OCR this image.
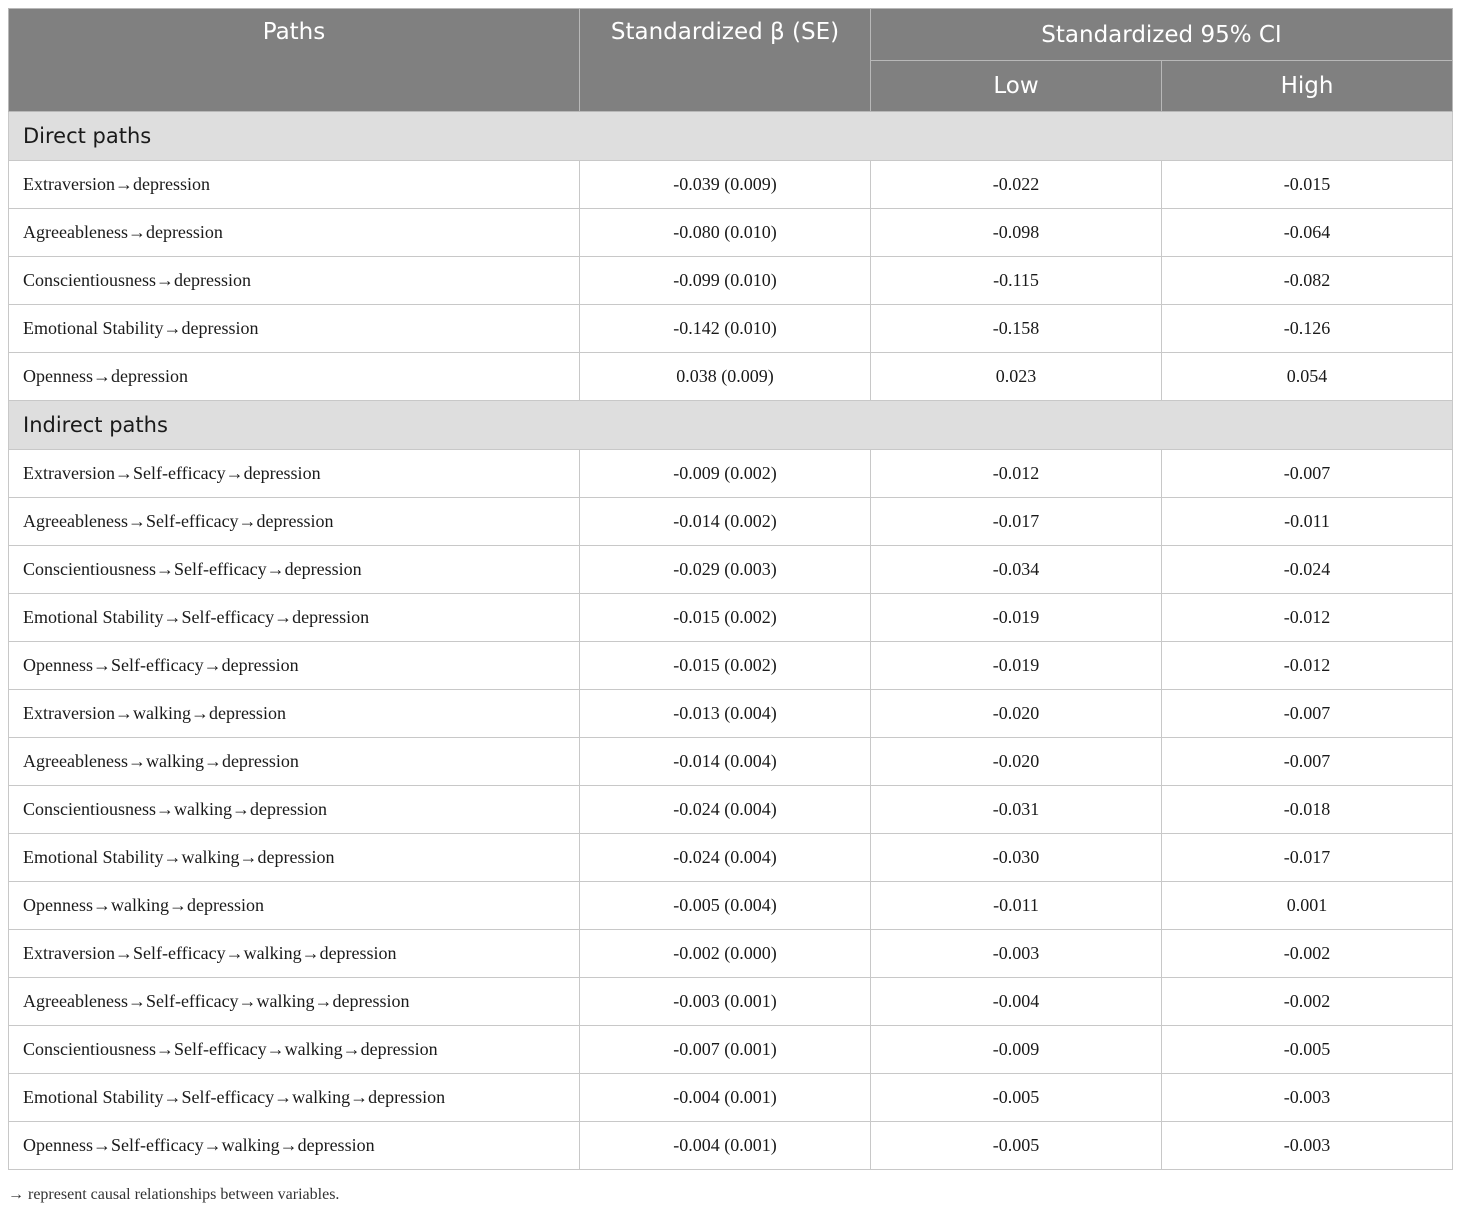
Paths	Standardized β (SE)	Standardized 95% CI	
		Low	High
Direct paths			
Extraversion→depression	-0.039 (0.009)	-0.022	-0.015
Agreeableness→depression	-0.080 (0.010)	-0.098	-0.064
Conscientiousness→depression	-0.099 (0.010)	-0.115	-0.082
Emotional Stability→depression	-0.142 (0.010)	-0.158	-0.126
Openness→depression	0.038 (0.009)	0.023	0.054
Indirect paths			
Extraversion→Self-efficacy→depression	-0.009 (0.002)	-0.012	-0.007
Agreeableness→Self-efficacy→depression	-0.014 (0.002)	-0.017	-0.011
Conscientiousness→Self-efficacy→depression	-0.029 (0.003)	-0.034	-0.024
Emotional Stability→Self-efficacy→depression	-0.015 (0.002)	-0.019	-0.012
Openness→Self-efficacy→depression	-0.015 (0.002)	-0.019	-0.012
Extraversion→walking→depression	-0.013 (0.004)	-0.020	-0.007
Agreeableness→walking→depression	-0.014 (0.004)	-0.020	-0.007
Conscientiousness→walking→depression	-0.024 (0.004)	-0.031	-0.018
Emotional Stability→walking→depression	-0.024 (0.004)	-0.030	-0.017
Openness→walking→depression	-0.005 (0.004)	-0.011	0.001
Extraversion→Self-efficacy→walking→depression	-0.002 (0.000)	-0.003	-0.002
Agreeableness→Self-efficacy→walking→depression	-0.003 (0.001)	-0.004	-0.002
Conscientiousness→Self-efficacy→walking→depression	-0.007 (0.001)	-0.009	-0.005
Emotional Stability→Self-efficacy→walking→depression	-0.004 (0.001)	-0.005	-0.003
Openness→Self-efficacy→walking→depression	-0.004 (0.001)	-0.005	-0.003
→ represent causal relationships between variables.
